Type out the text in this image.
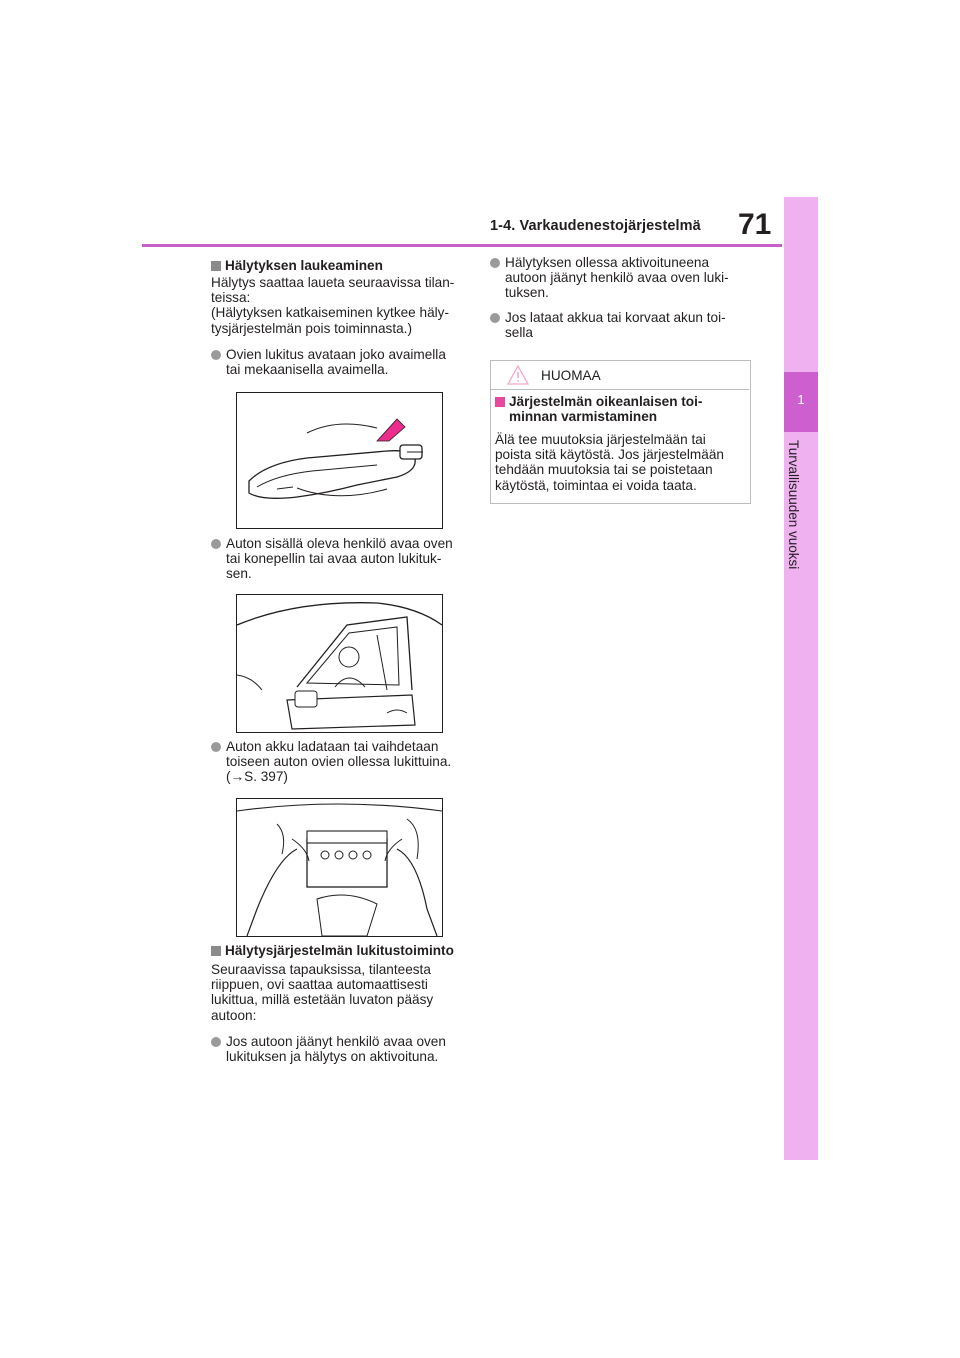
1-4. Varkaudenestojärjestelmä 71
1
Turvallisuuden vuoksi
Hälytyksen laukeaminen
Hälytys saattaa laueta seuraavissa tilan-
teissa:
(Hälytyksen katkaiseminen kytkee häly-
tysjärjestelmän pois toiminnasta.)
Ovien lukitus avataan joko avaimella
tai mekaanisella avaimella.
Auton sisällä oleva henkilö avaa oven
tai konepellin tai avaa auton lukituk-
sen.
Auton akku ladataan tai vaihdetaan
toiseen auton ovien ollessa lukittuina.
(→S. 397)
Hälytysjärjestelmän lukitustoiminto
Seuraavissa tapauksissa, tilanteesta
riippuen, ovi saattaa automaattisesti
lukittua, millä estetään luvaton pääsy
autoon:
Jos autoon jäänyt henkilö avaa oven
lukituksen ja hälytys on aktivoituna.
Hälytyksen ollessa aktivoituneena
autoon jäänyt henkilö avaa oven luki-
tuksen.
Jos lataat akkua tai korvaat akun toi-
sella
HUOMAA
Järjestelmän oikeanlaisen toi-
minnan varmistaminen
Älä tee muutoksia järjestelmään tai
poista sitä käytöstä. Jos järjestelmään
tehdään muutoksia tai se poistetaan
käytöstä, toimintaa ei voida taata.
